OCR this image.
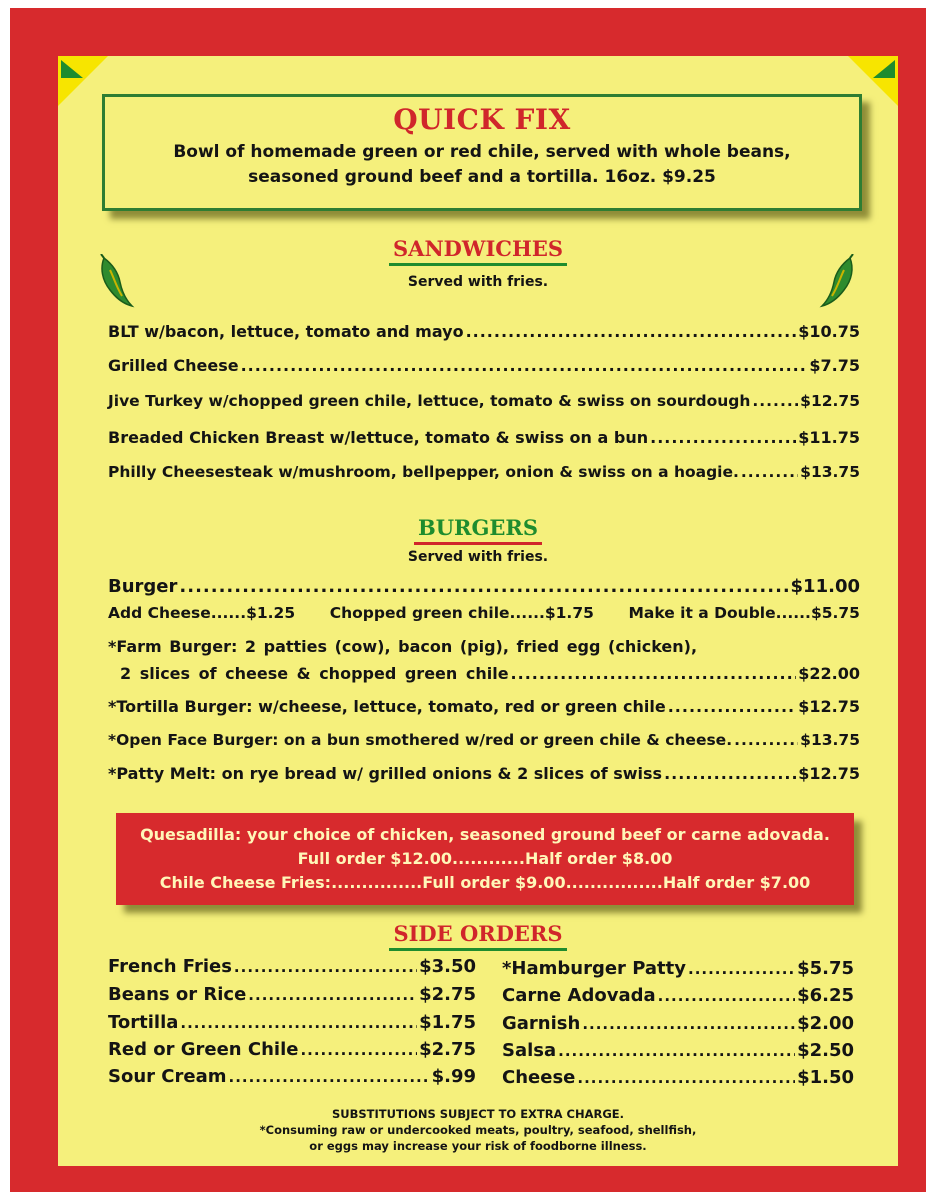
QUICK FIX

Bowl of homemade green or red chile, served with whole beans,

seasoned ground beef and a tortilla. 16oz. $9.25

SANDWICHES
Served with fries.
BLT w/bacon, lettuce, tomato and mayo .....	$10.75
Grilled Cheese .....	$7.75
Jive Turkey w/chopped green chile, lettuce, tomato & swiss on sourdough .....	$12.75
Breaded Chicken Breast w/lettuce, tomato & swiss on a bun .....	$11.75
Philly Cheesesteak w/mushroom, bellpepper, onion & swiss on a hoagie. .....	$13.75
BURGERS
Served with fries.
Burger .....	$11.00
Add Cheese......$1.25 Chopped green chile......$1.75 Make it a Double......$5.75
*Farm Burger: 2 patties (cow), bacon (pig), fried egg (chicken),
2 slices of cheese & chopped green chile .....	$22.00
*Tortilla Burger: w/cheese, lettuce, tomato, red or green chile .....	$12.75
*Open Face Burger: on a bun smothered w/red or green chile & cheese. .....	$13.75
*Patty Melt: on rye bread w/ grilled onions & 2 slices of swiss .....	$12.75
Quesadilla: your choice of chicken, seasoned ground beef or carne adovada.
Full order $12.00............Half order $8.00
Chile Cheese Fries:...............Full order $9.00................Half order $7.00
SIDE ORDERS
French Fries .....	$3.50
Beans or Rice .....	$2.75
Tortilla .....	$1.75
Red or Green Chile .....	$2.75
Sour Cream .....	$.99
*Hamburger Patty .....	$5.75
Carne Adovada .....	$6.25
Garnish .....	$2.00
Salsa .....	$2.50
Cheese .....	$1.50
SUBSTITUTIONS SUBJECT TO EXTRA CHARGE.
*Consuming raw or undercooked meats, poultry, seafood, shellfish,
or eggs may increase your risk of foodborne illness.
